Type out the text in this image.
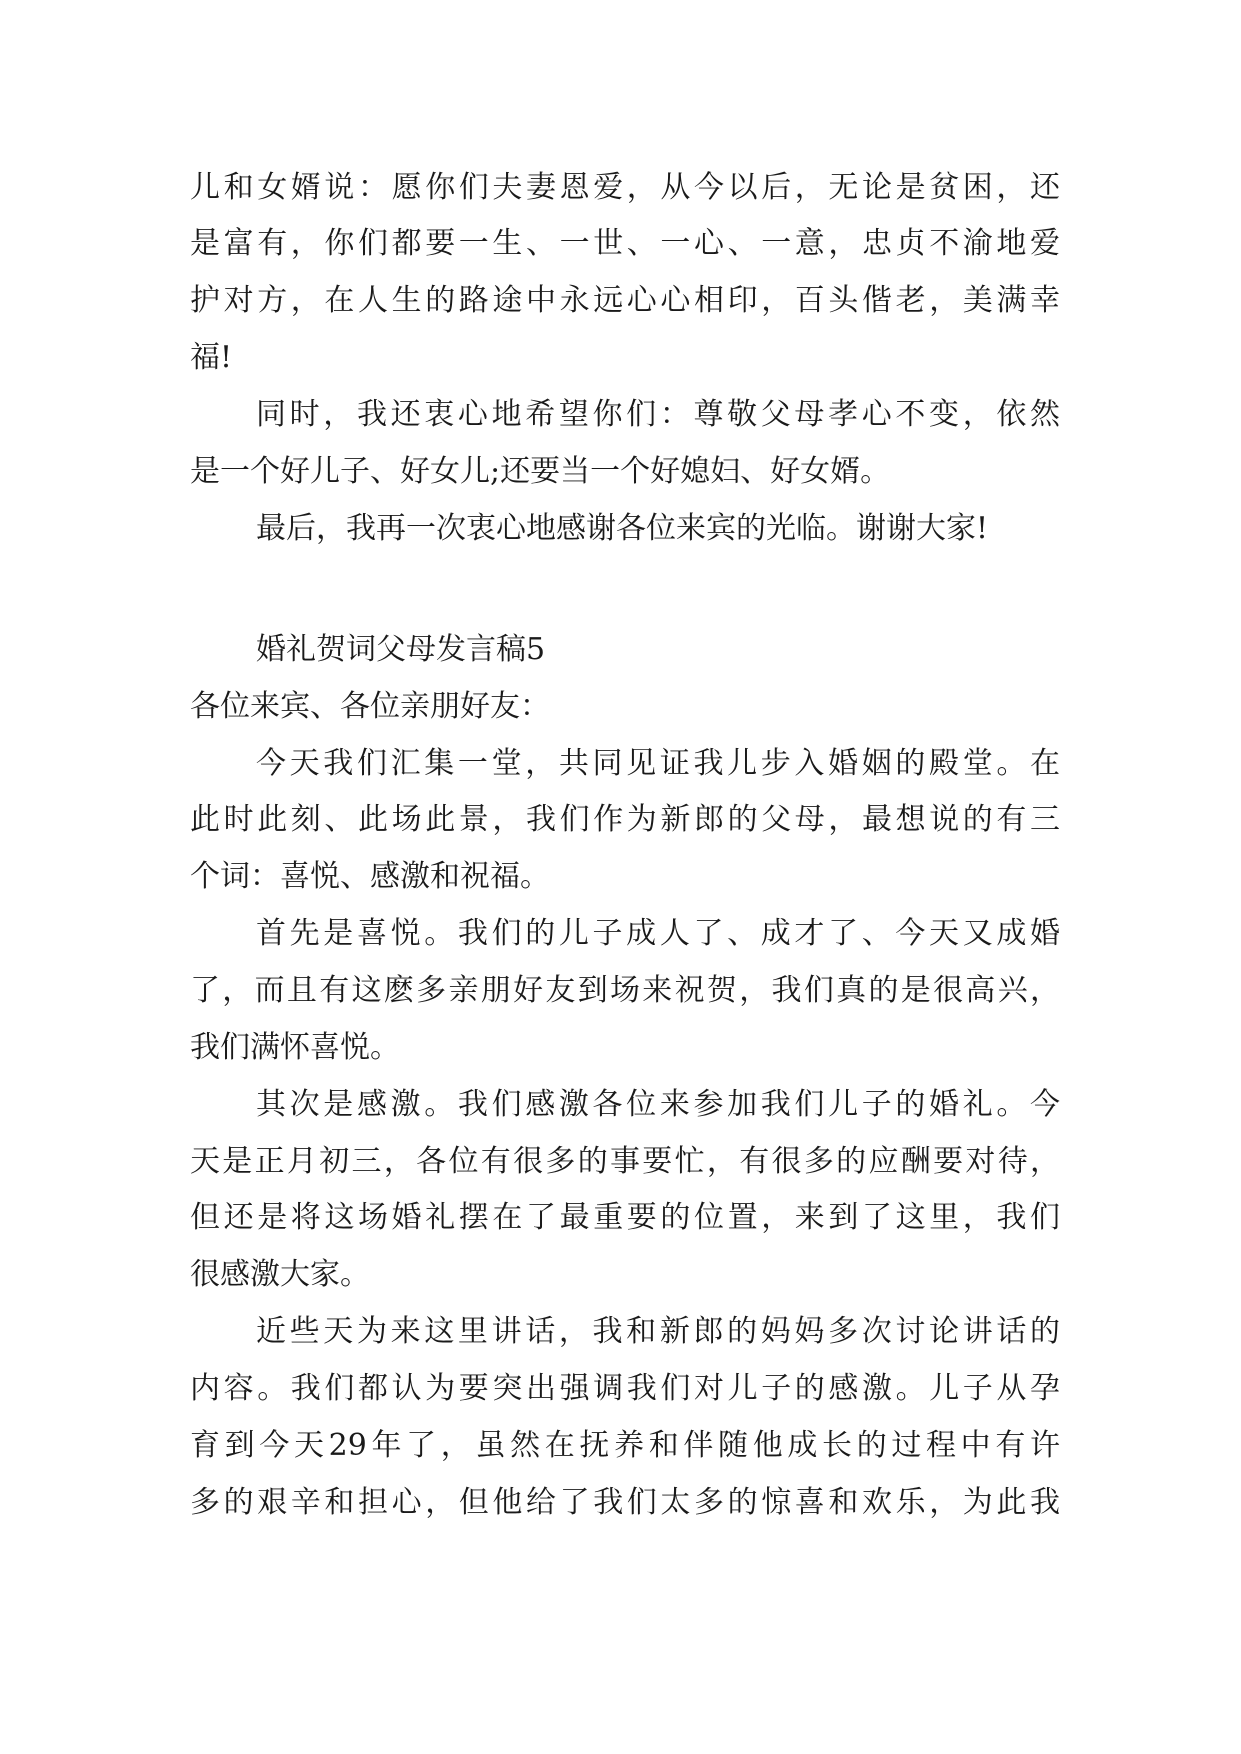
儿和女婿说：愿你们夫妻恩爱，从今以后，无论是贫困，还

是富有，你们都要一生、一世、一心、一意，忠贞不渝地爱

护对方，在人生的路途中永远心心相印，百头偕老，美满幸

福!

同时，我还衷心地希望你们：尊敬父母孝心不变，依然

是一个好儿子、好女儿;还要当一个好媳妇、好女婿。

最后，我再一次衷心地感谢各位来宾的光临。谢谢大家!

婚礼贺词父母发言稿5

各位来宾、各位亲朋好友：

今天我们汇集一堂，共同见证我儿步入婚姻的殿堂。在

此时此刻、此场此景，我们作为新郎的父母，最想说的有三

个词：喜悦、感激和祝福。

首先是喜悦。我们的儿子成人了、成才了、今天又成婚

了，而且有这麽多亲朋好友到场来祝贺，我们真的是很高兴，

我们满怀喜悦。

其次是感激。我们感激各位来参加我们儿子的婚礼。今

天是正月初三，各位有很多的事要忙，有很多的应酬要对待，

但还是将这场婚礼摆在了最重要的位置，来到了这里，我们

很感激大家。

近些天为来这里讲话，我和新郎的妈妈多次讨论讲话的

内容。我们都认为要突出强调我们对儿子的感激。儿子从孕

育到今天29年了，虽然在抚养和伴随他成长的过程中有许

多的艰辛和担心，但他给了我们太多的惊喜和欢乐，为此我
